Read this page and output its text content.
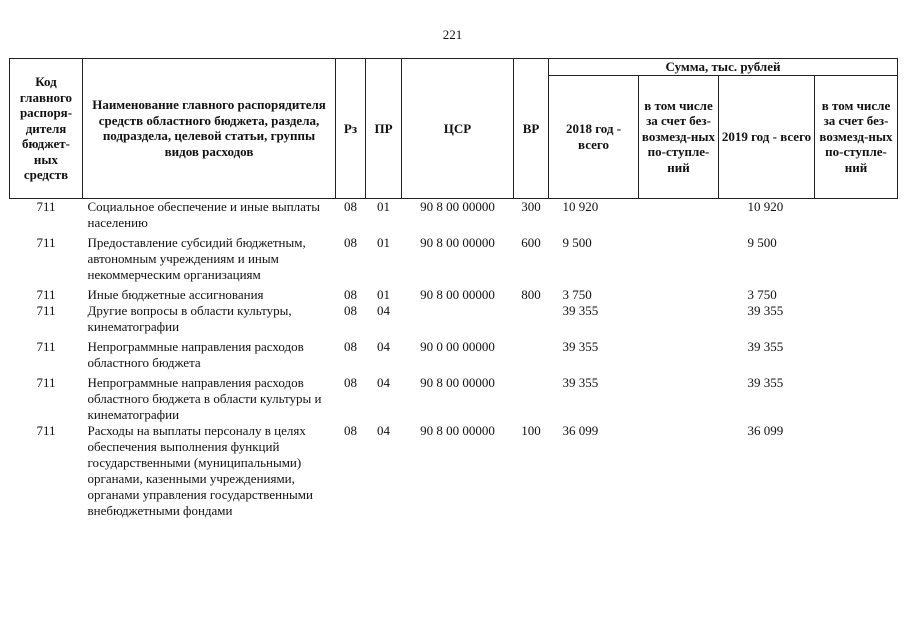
221
Код главного распоря-дителя бюджет-ных средств	Наименование главного распорядителя средств областного бюджета, раздела, подраздела, целевой статьи, группы видов расходов	Рз	ПР	ЦСР	ВР	Сумма, тыс. рублей			
						2018 год - всего	в том числе за счет без-возмезд-ных по-ступле-ний	2019 год - всего	в том числе за счет без-возмезд-ных по-ступле-ний
711	Социальное обеспечение и иные выплаты населению	08	01	90 8 00 00000	300	10 920		10 920	
711	Предоставление субсидий бюджетным, автономным учреждениям и иным некоммерческим организациям	08	01	90 8 00 00000	600	9 500		9 500	
711	Иные бюджетные ассигнования	08	01	90 8 00 00000	800	3 750		3 750	
711	Другие вопросы в области культуры, кинематографии	08	04			39 355		39 355	
711	Непрограммные направления расходов областного бюджета	08	04	90 0 00 00000		39 355		39 355	
711	Непрограммные направления расходов областного бюджета в области культуры и кинематографии	08	04	90 8 00 00000		39 355		39 355	
711	Расходы на выплаты персоналу в целях обеспечения выполнения функций государственными (муниципальными) органами, казенными учреждениями, органами управления государственными внебюджетными фондами	08	04	90 8 00 00000	100	36 099		36 099	
